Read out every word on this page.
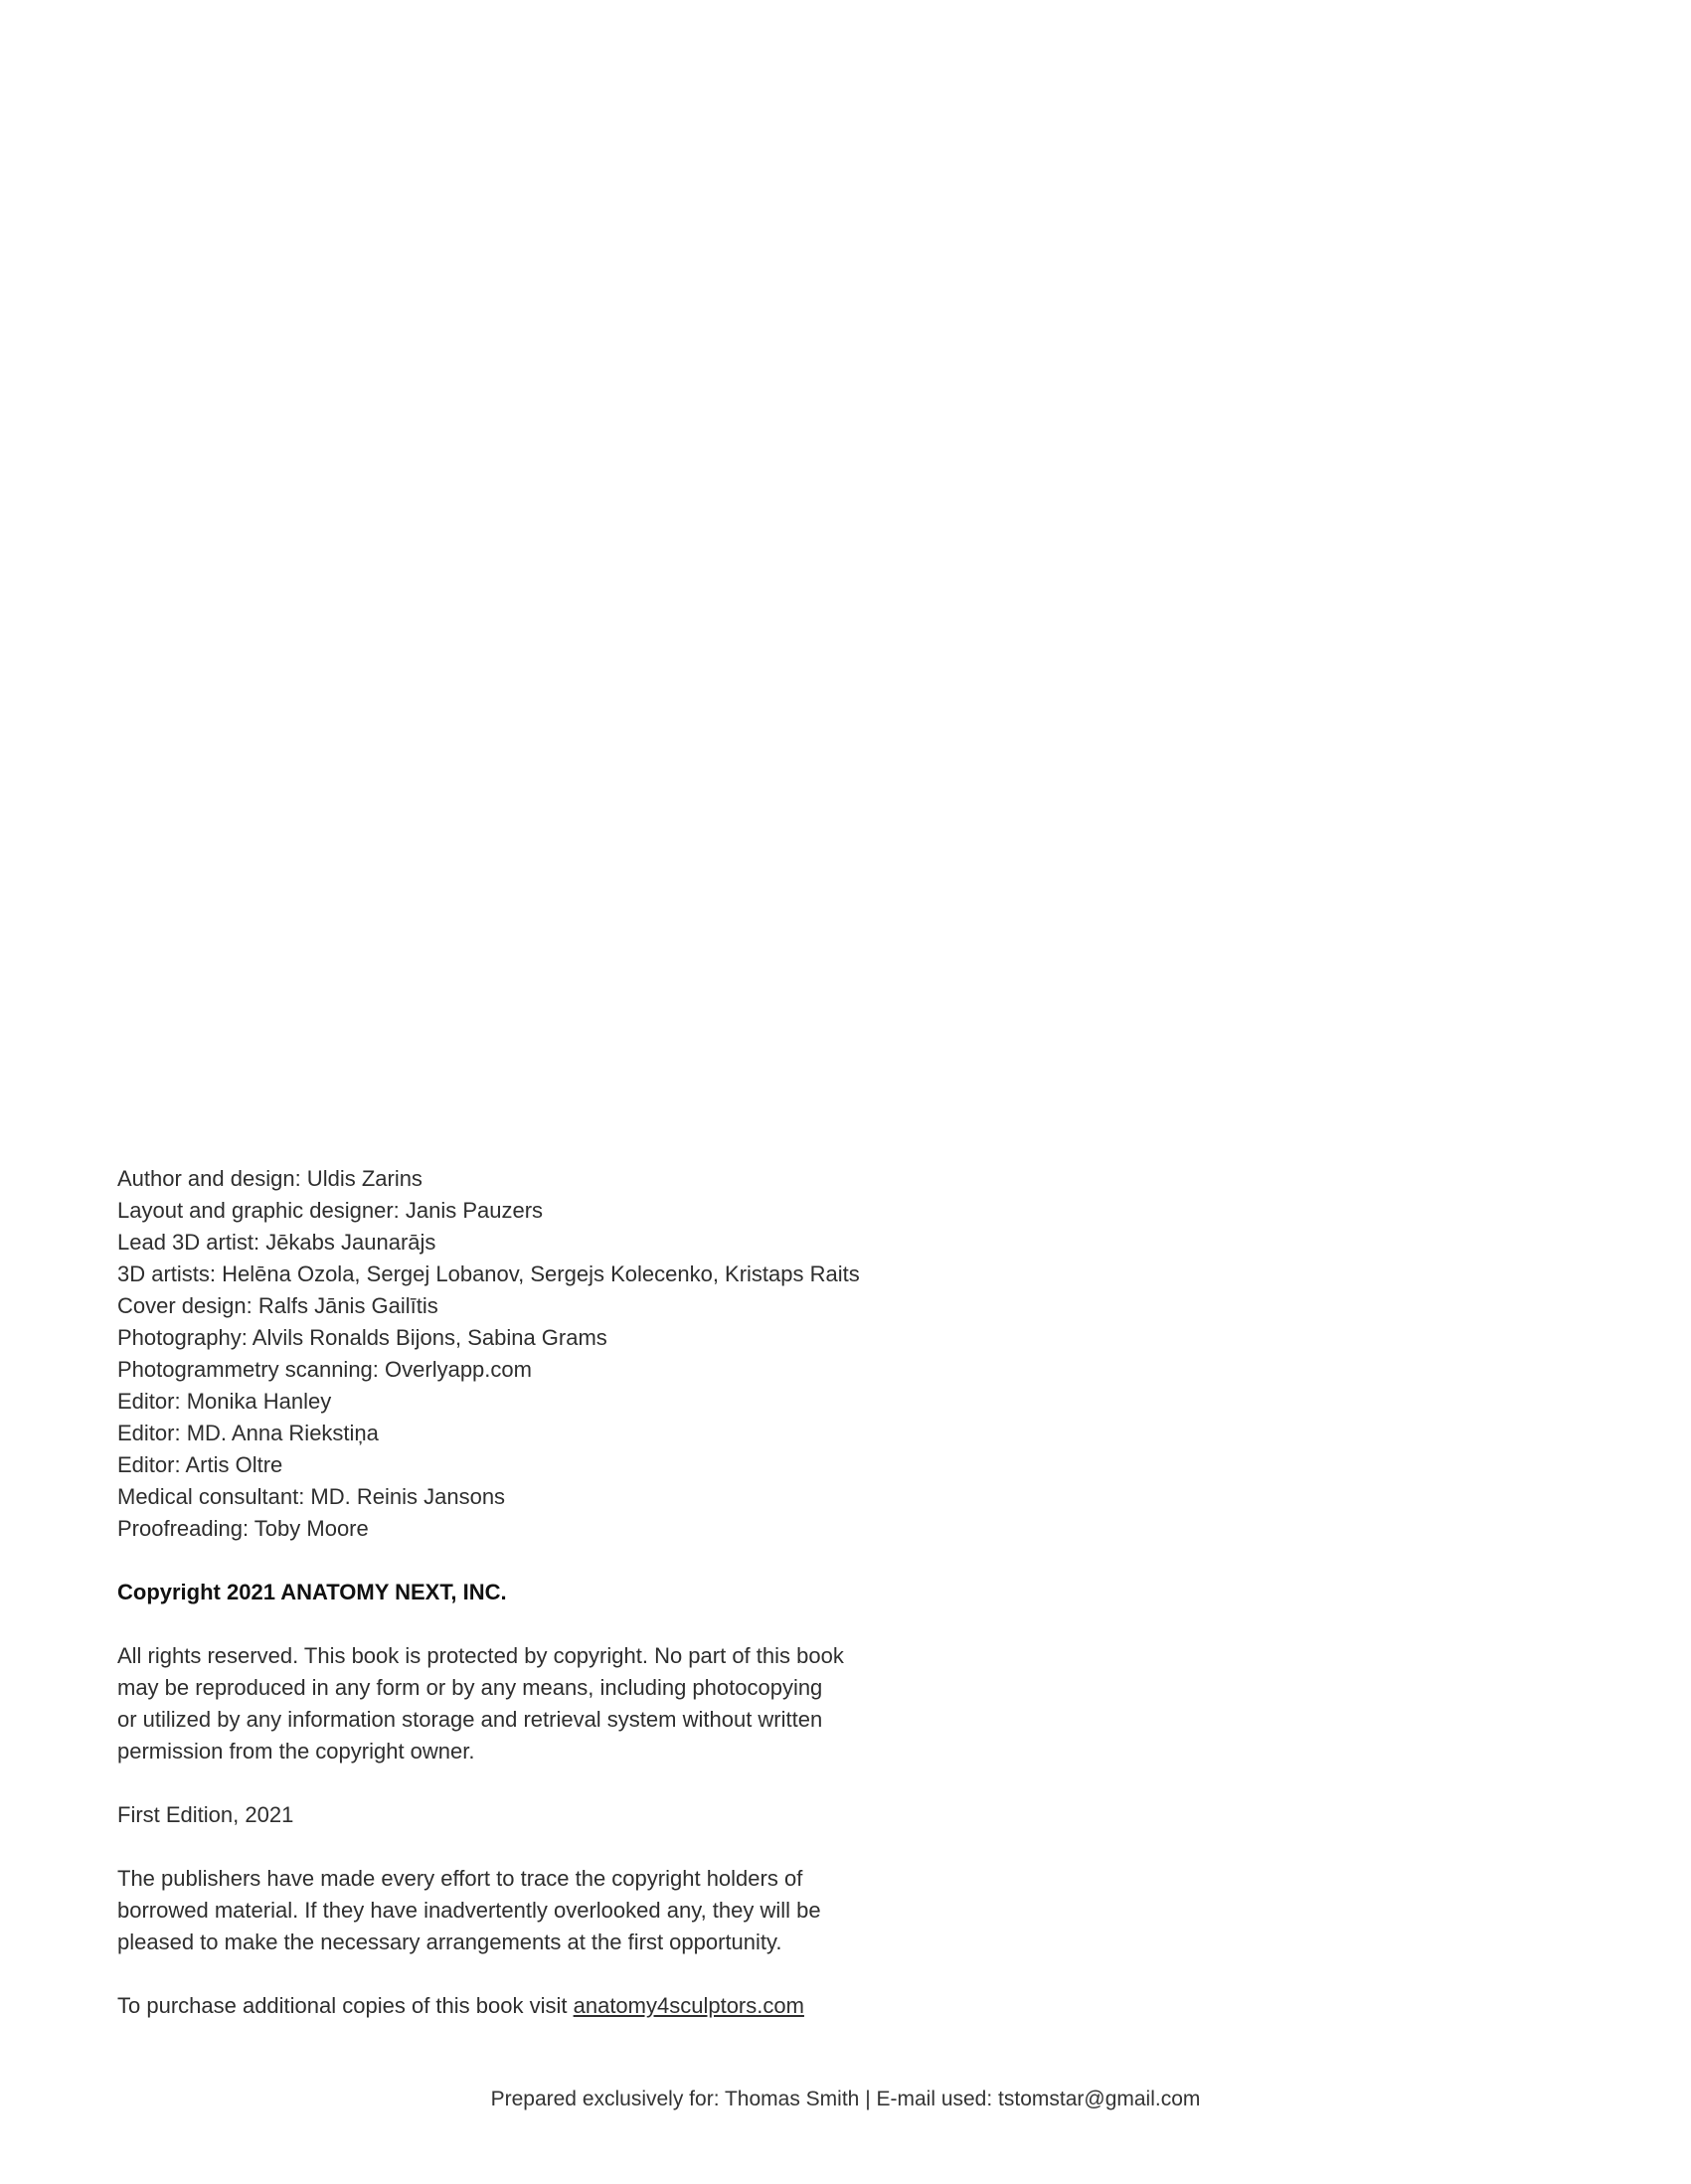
Author and design: Uldis Zarins
Layout and graphic designer: Janis Pauzers
Lead 3D artist: Jēkabs Jaunarājs
3D artists: Helēna Ozola, Sergej Lobanov, Sergejs Kolecenko, Kristaps Raits
Cover design: Ralfs Jānis Gailītis
Photography: Alvils Ronalds Bijons, Sabina Grams
Photogrammetry scanning: Overlyapp.com
Editor: Monika Hanley
Editor: MD. Anna Riekstiņa
Editor: Artis Oltre
Medical consultant: MD. Reinis Jansons
Proofreading: Toby Moore
Copyright 2021 ANATOMY NEXT, INC.
All rights reserved. This book is protected by copyright. No part of this book
may be reproduced in any form or by any means, including photocopying
or utilized by any information storage and retrieval system without written
permission from the copyright owner.
First Edition, 2021
The publishers have made every effort to trace the copyright holders of
borrowed material. If they have inadvertently overlooked any, they will be
pleased to make the necessary arrangements at the first opportunity.
To purchase additional copies of this book visit anatomy4sculptors.com
Prepared exclusively for: Thomas Smith | E-mail used: tstomstar@gmail.com
